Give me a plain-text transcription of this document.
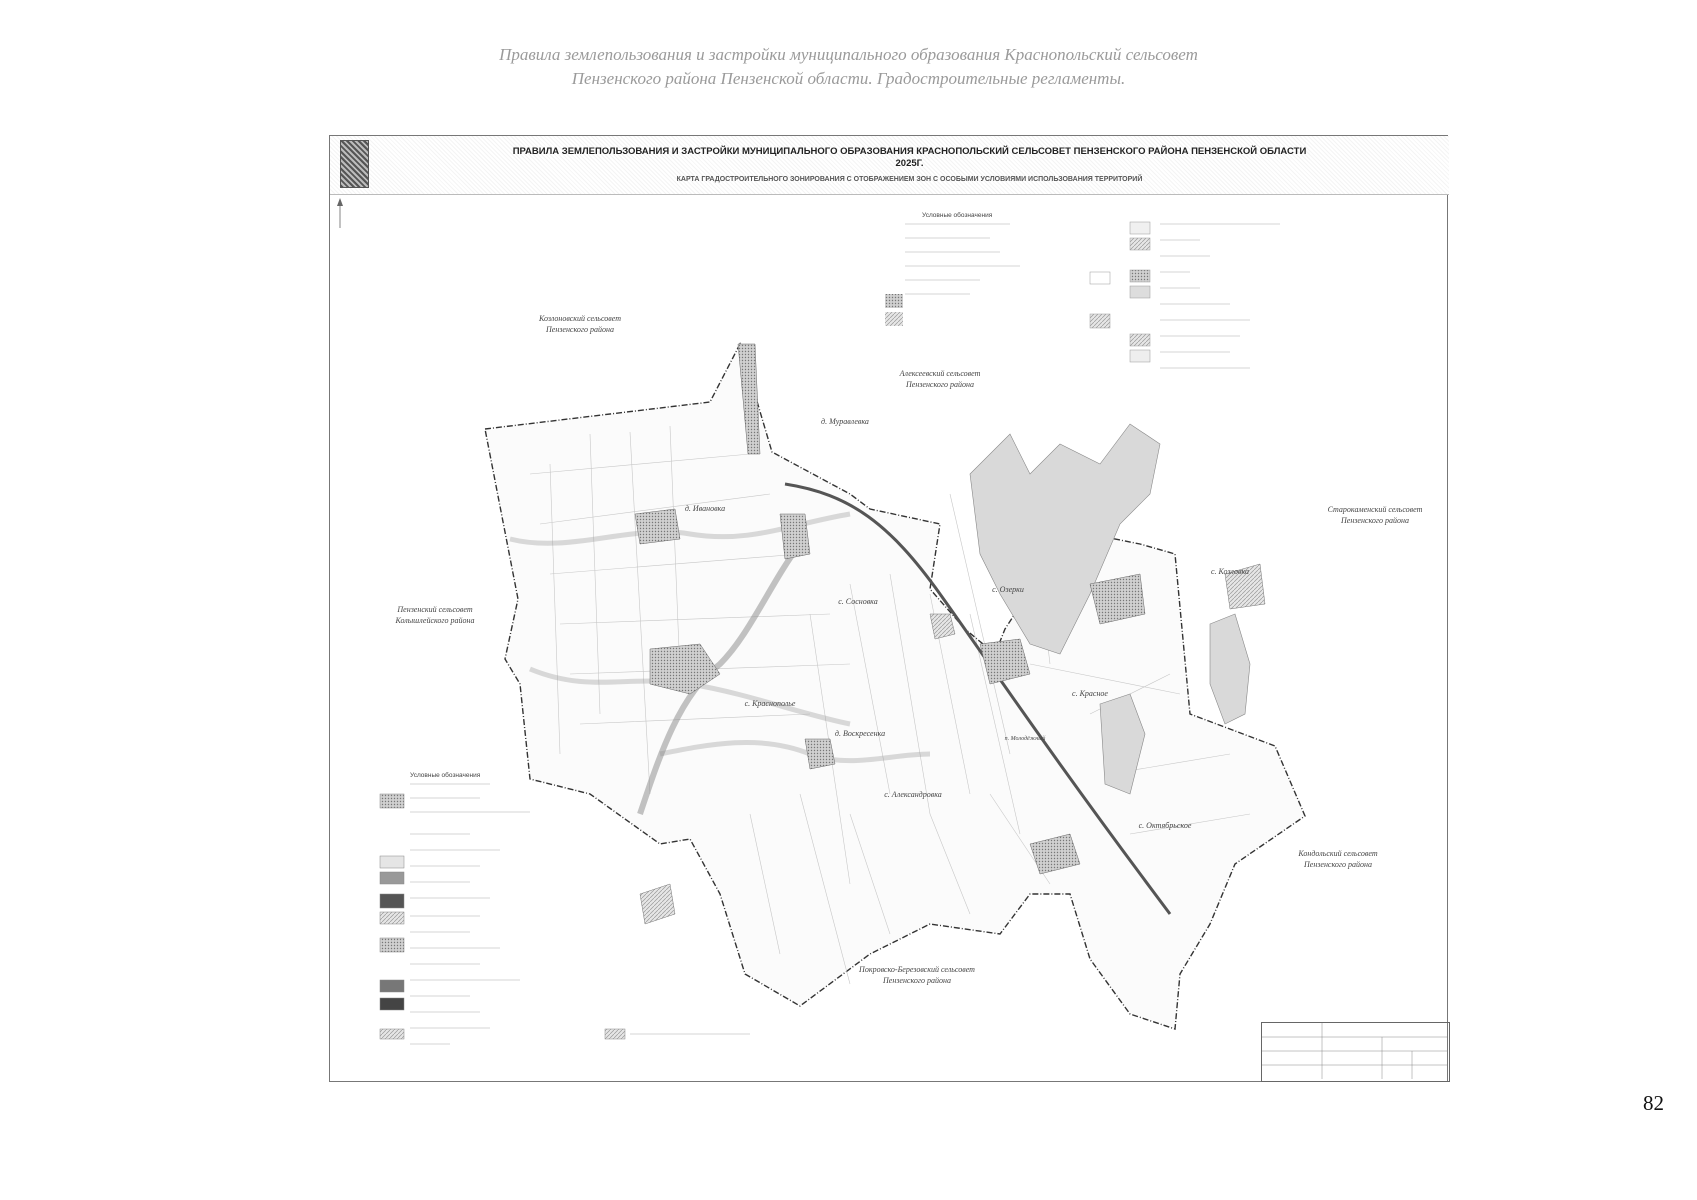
Правила землепользования и застройки муниципального образования Краснопольский сельсовет
Пензенского района Пензенской области. Градостроительные регламенты.
ПРАВИЛА ЗЕМЛЕПОЛЬЗОВАНИЯ И ЗАСТРОЙКИ МУНИЦИПАЛЬНОГО ОБРАЗОВАНИЯ КРАСНОПОЛЬСКИЙ СЕЛЬСОВЕТ ПЕНЗЕНСКОГО РАЙОНА ПЕНЗЕНСКОЙ ОБЛАСТИ
2025Г.
КАРТА ГРАДОСТРОИТЕЛЬНОГО ЗОНИРОВАНИЯ С ОТОБРАЖЕНИЕМ ЗОН С ОСОБЫМИ УСЛОВИЯМИ ИСПОЛЬЗОВАНИЯ ТЕРРИТОРИЙ
Условные обозначения
Условные обозначения
Козлоновский сельсовет
Пензенского района
Алексеевский сельсовет
Пензенского района
Пензенский сельсовет
Колышлейского района
Старокаменский сельсовет
Пензенского района
Кондольский сельсовет
Пензенского района
Покровско-Березовский сельсовет
Пензенского района
д. Муравлевка
д. Ивановка
с. Краснополье
д. Воскресенка
с. Александровка
с. Озерки
с. Козловка
с. Сосновка
с. Красное
с. Октябрьское
п. Молодёжный
82
